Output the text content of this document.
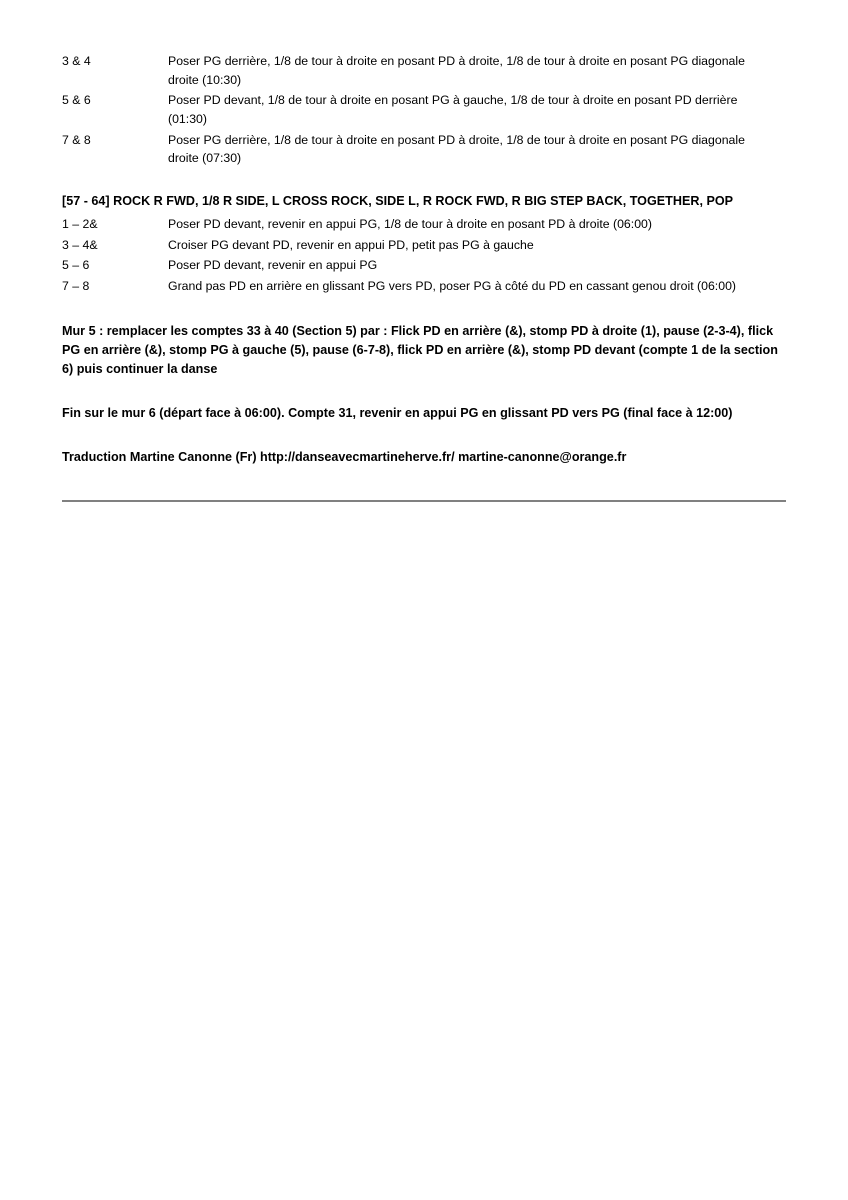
3 & 4	Poser PG derrière, 1/8 de tour à droite en posant PD à droite, 1/8 de tour à droite en posant PG diagonale droite (10:30)
5 & 6	Poser PD devant, 1/8 de tour à droite en posant PG à gauche, 1/8 de tour à droite en posant PD derrière (01:30)
7 & 8	Poser PG derrière, 1/8 de tour à droite en posant PD à droite, 1/8 de tour à droite en posant PG diagonale droite (07:30)
[57 - 64] ROCK R FWD, 1/8 R SIDE, L CROSS ROCK, SIDE L, R ROCK FWD, R BIG STEP BACK, TOGETHER, POP
1 – 2&	Poser PD devant, revenir en appui PG, 1/8 de tour à droite en posant PD à droite (06:00)
3 – 4&	Croiser PG devant PD, revenir en appui PD, petit pas PG à gauche
5 – 6	Poser PD devant, revenir en appui PG
7 – 8	Grand pas PD en arrière en glissant PG vers PD, poser PG à côté du PD en cassant genou droit (06:00)

Mur 5 : remplacer les comptes 33 à 40 (Section 5) par : Flick PD en arrière (&), stomp PD à droite (1), pause (2-3-4), flick PG en arrière (&), stomp PG à gauche (5), pause (6-7-8), flick PD en arrière (&), stomp PD devant (compte 1 de la section 6) puis continuer la danse

Fin sur le mur 6 (départ face à 06:00). Compte 31, revenir en appui PG en glissant PD vers PG (final face à 12:00)

Traduction Martine Canonne (Fr) http://danseavecmartineherve.fr/ martine-canonne@orange.fr
